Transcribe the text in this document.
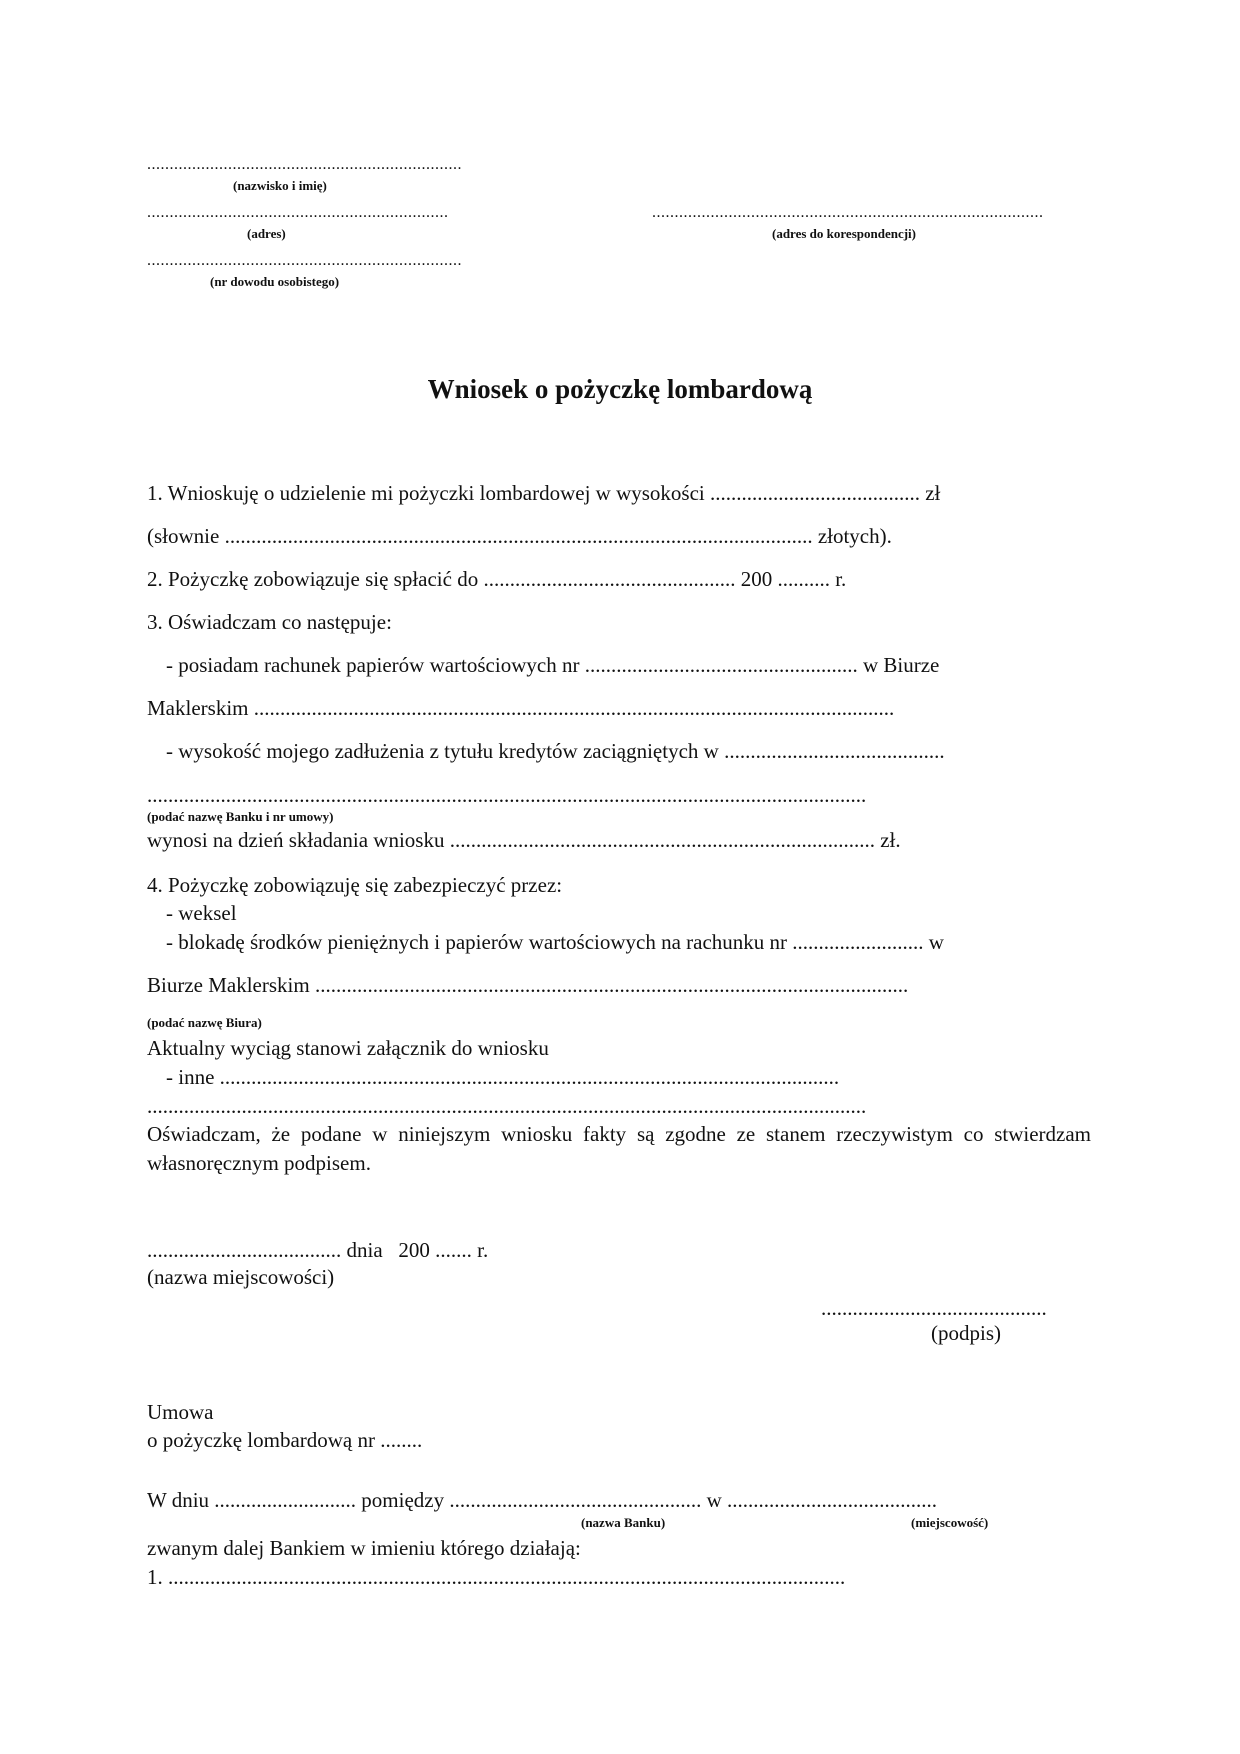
......................................................................
(nazwisko i imię)
...................................................................
(adres)
.......................................................................................
(adres do korespondencji)
......................................................................
(nr dowodu osobistego)
Wniosek o pożyczkę lombardową
1. Wnioskuję o udzielenie mi pożyczki lombardowej w wysokości ........................................ zł
(słownie ................................................................................................................ złotych).
2. Pożyczkę zobowiązuje się spłacić do ................................................ 200 .......... r.
3. Oświadczam co następuje:
- posiadam rachunek papierów wartościowych nr .................................................... w Biurze
Maklerskim ..........................................................................................................................
- wysokość mojego zadłużenia z tytułu kredytów zaciągniętych w ..........................................
.........................................................................................................................................
(podać nazwę Banku i nr umowy)
wynosi na dzień składania wniosku ................................................................................. zł.
4. Pożyczkę zobowiązuję się zabezpieczyć przez:
- weksel
- blokadę środków pieniężnych i papierów wartościowych na rachunku nr ......................... w
Biurze Maklerskim .................................................................................................................
(podać nazwę Biura)
Aktualny wyciąg stanowi załącznik do wniosku
- inne ......................................................................................................................
.........................................................................................................................................
Oświadczam, że podane w niniejszym wniosku fakty są zgodne ze stanem rzeczywistym co stwierdzam własnoręcznym podpisem.
..................................... dnia   200 ....... r.
(nazwa miejscowości)
...........................................
(podpis)
Umowa
o pożyczkę lombardową nr ........
W dniu ........................... pomiędzy ................................................ w ........................................
(nazwa Banku)	(miejscowość)
zwanym dalej Bankiem w imieniu którego działają:
1. .................................................................................................................................
